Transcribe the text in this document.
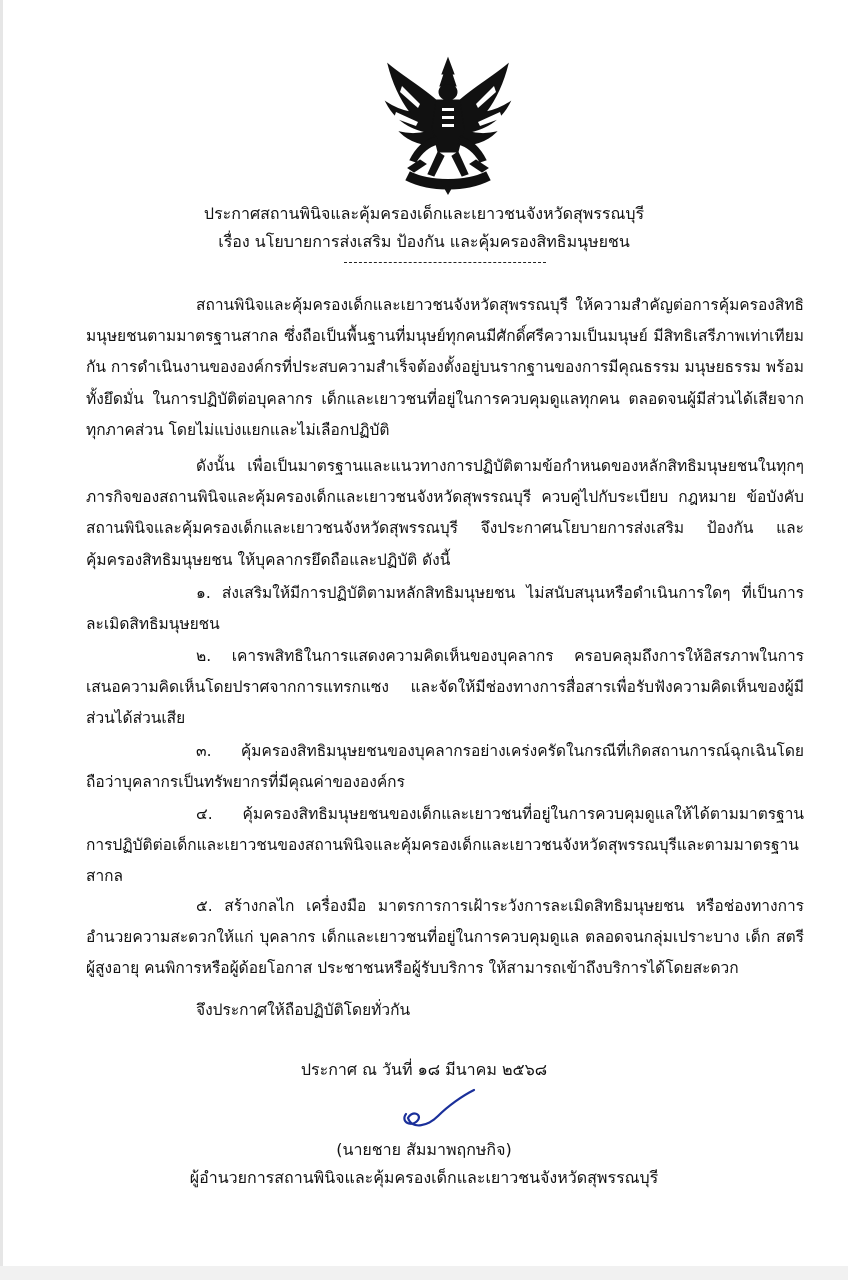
ประกาศสถานพินิจและคุ้มครองเด็กและเยาวชนจังหวัดสุพรรณบุรี
เรื่อง นโยบายการส่งเสริม ป้องกัน และคุ้มครองสิทธิมนุษยชน

สถานพินิจและคุ้มครองเด็กและเยาวชนจังหวัดสุพรรณบุรี ให้ความสำคัญต่อการคุ้มครองสิทธิมนุษยชนตามมาตรฐานสากล ซึ่งถือเป็นพื้นฐานที่มนุษย์ทุกคนมีศักดิ์ศรีความเป็นมนุษย์ มีสิทธิเสรีภาพเท่าเทียมกัน การดำเนินงานขององค์กรที่ประสบความสำเร็จต้องตั้งอยู่บนรากฐานของการมีคุณธรรม มนุษยธรรม พร้อมทั้งยึดมั่น ในการปฏิบัติต่อบุคลากร เด็กและเยาวชนที่อยู่ในการควบคุมดูแลทุกคน ตลอดจนผู้มีส่วนได้เสียจากทุกภาคส่วน โดยไม่แบ่งแยกและไม่เลือกปฏิบัติ

ดังนั้น เพื่อเป็นมาตรฐานและแนวทางการปฏิบัติตามข้อกำหนดของหลักสิทธิมนุษยชนในทุกๆภารกิจของสถานพินิจและคุ้มครองเด็กและเยาวชนจังหวัดสุพรรณบุรี ควบคู่ไปกับระเบียบ กฎหมาย ข้อบังคับสถานพินิจและคุ้มครองเด็กและเยาวชนจังหวัดสุพรรณบุรี จึงประกาศนโยบายการส่งเสริม ป้องกัน และคุ้มครองสิทธิมนุษยชน ให้บุคลากรยึดถือและปฏิบัติ ดังนี้

๑. ส่งเสริมให้มีการปฏิบัติตามหลักสิทธิมนุษยชน ไม่สนับสนุนหรือดำเนินการใดๆ ที่เป็นการละเมิดสิทธิมนุษยชน

๒. เคารพสิทธิในการแสดงความคิดเห็นของบุคลากร ครอบคลุมถึงการให้อิสรภาพในการเสนอความคิดเห็นโดยปราศจากการแทรกแซง และจัดให้มีช่องทางการสื่อสารเพื่อรับฟังความคิดเห็นของผู้มีส่วนได้ส่วนเสีย

๓. คุ้มครองสิทธิมนุษยชนของบุคลากรอย่างเคร่งครัดในกรณีที่เกิดสถานการณ์ฉุกเฉินโดยถือว่าบุคลากรเป็นทรัพยากรที่มีคุณค่าขององค์กร

๔. คุ้มครองสิทธิมนุษยชนของเด็กและเยาวชนที่อยู่ในการควบคุมดูแลให้ได้ตามมาตรฐานการปฏิบัติต่อเด็กและเยาวชนของสถานพินิจและคุ้มครองเด็กและเยาวชนจังหวัดสุพรรณบุรีและตามมาตรฐานสากล

๕. สร้างกลไก เครื่องมือ มาตรการการเฝ้าระวังการละเมิดสิทธิมนุษยชน หรือช่องทางการอำนวยความสะดวกให้แก่ บุคลากร เด็กและเยาวชนที่อยู่ในการควบคุมดูแล ตลอดจนกลุ่มเปราะบาง เด็ก สตรีผู้สูงอายุ คนพิการหรือผู้ด้อยโอกาส ประชาชนหรือผู้รับบริการ ให้สามารถเข้าถึงบริการได้โดยสะดวก

จึงประกาศให้ถือปฏิบัติโดยทั่วกัน

ประกาศ ณ วันที่ ๑๘ มีนาคม ๒๕๖๘
(นายชาย สัมมาพฤกษกิจ)
ผู้อำนวยการสถานพินิจและคุ้มครองเด็กและเยาวชนจังหวัดสุพรรณบุรี
